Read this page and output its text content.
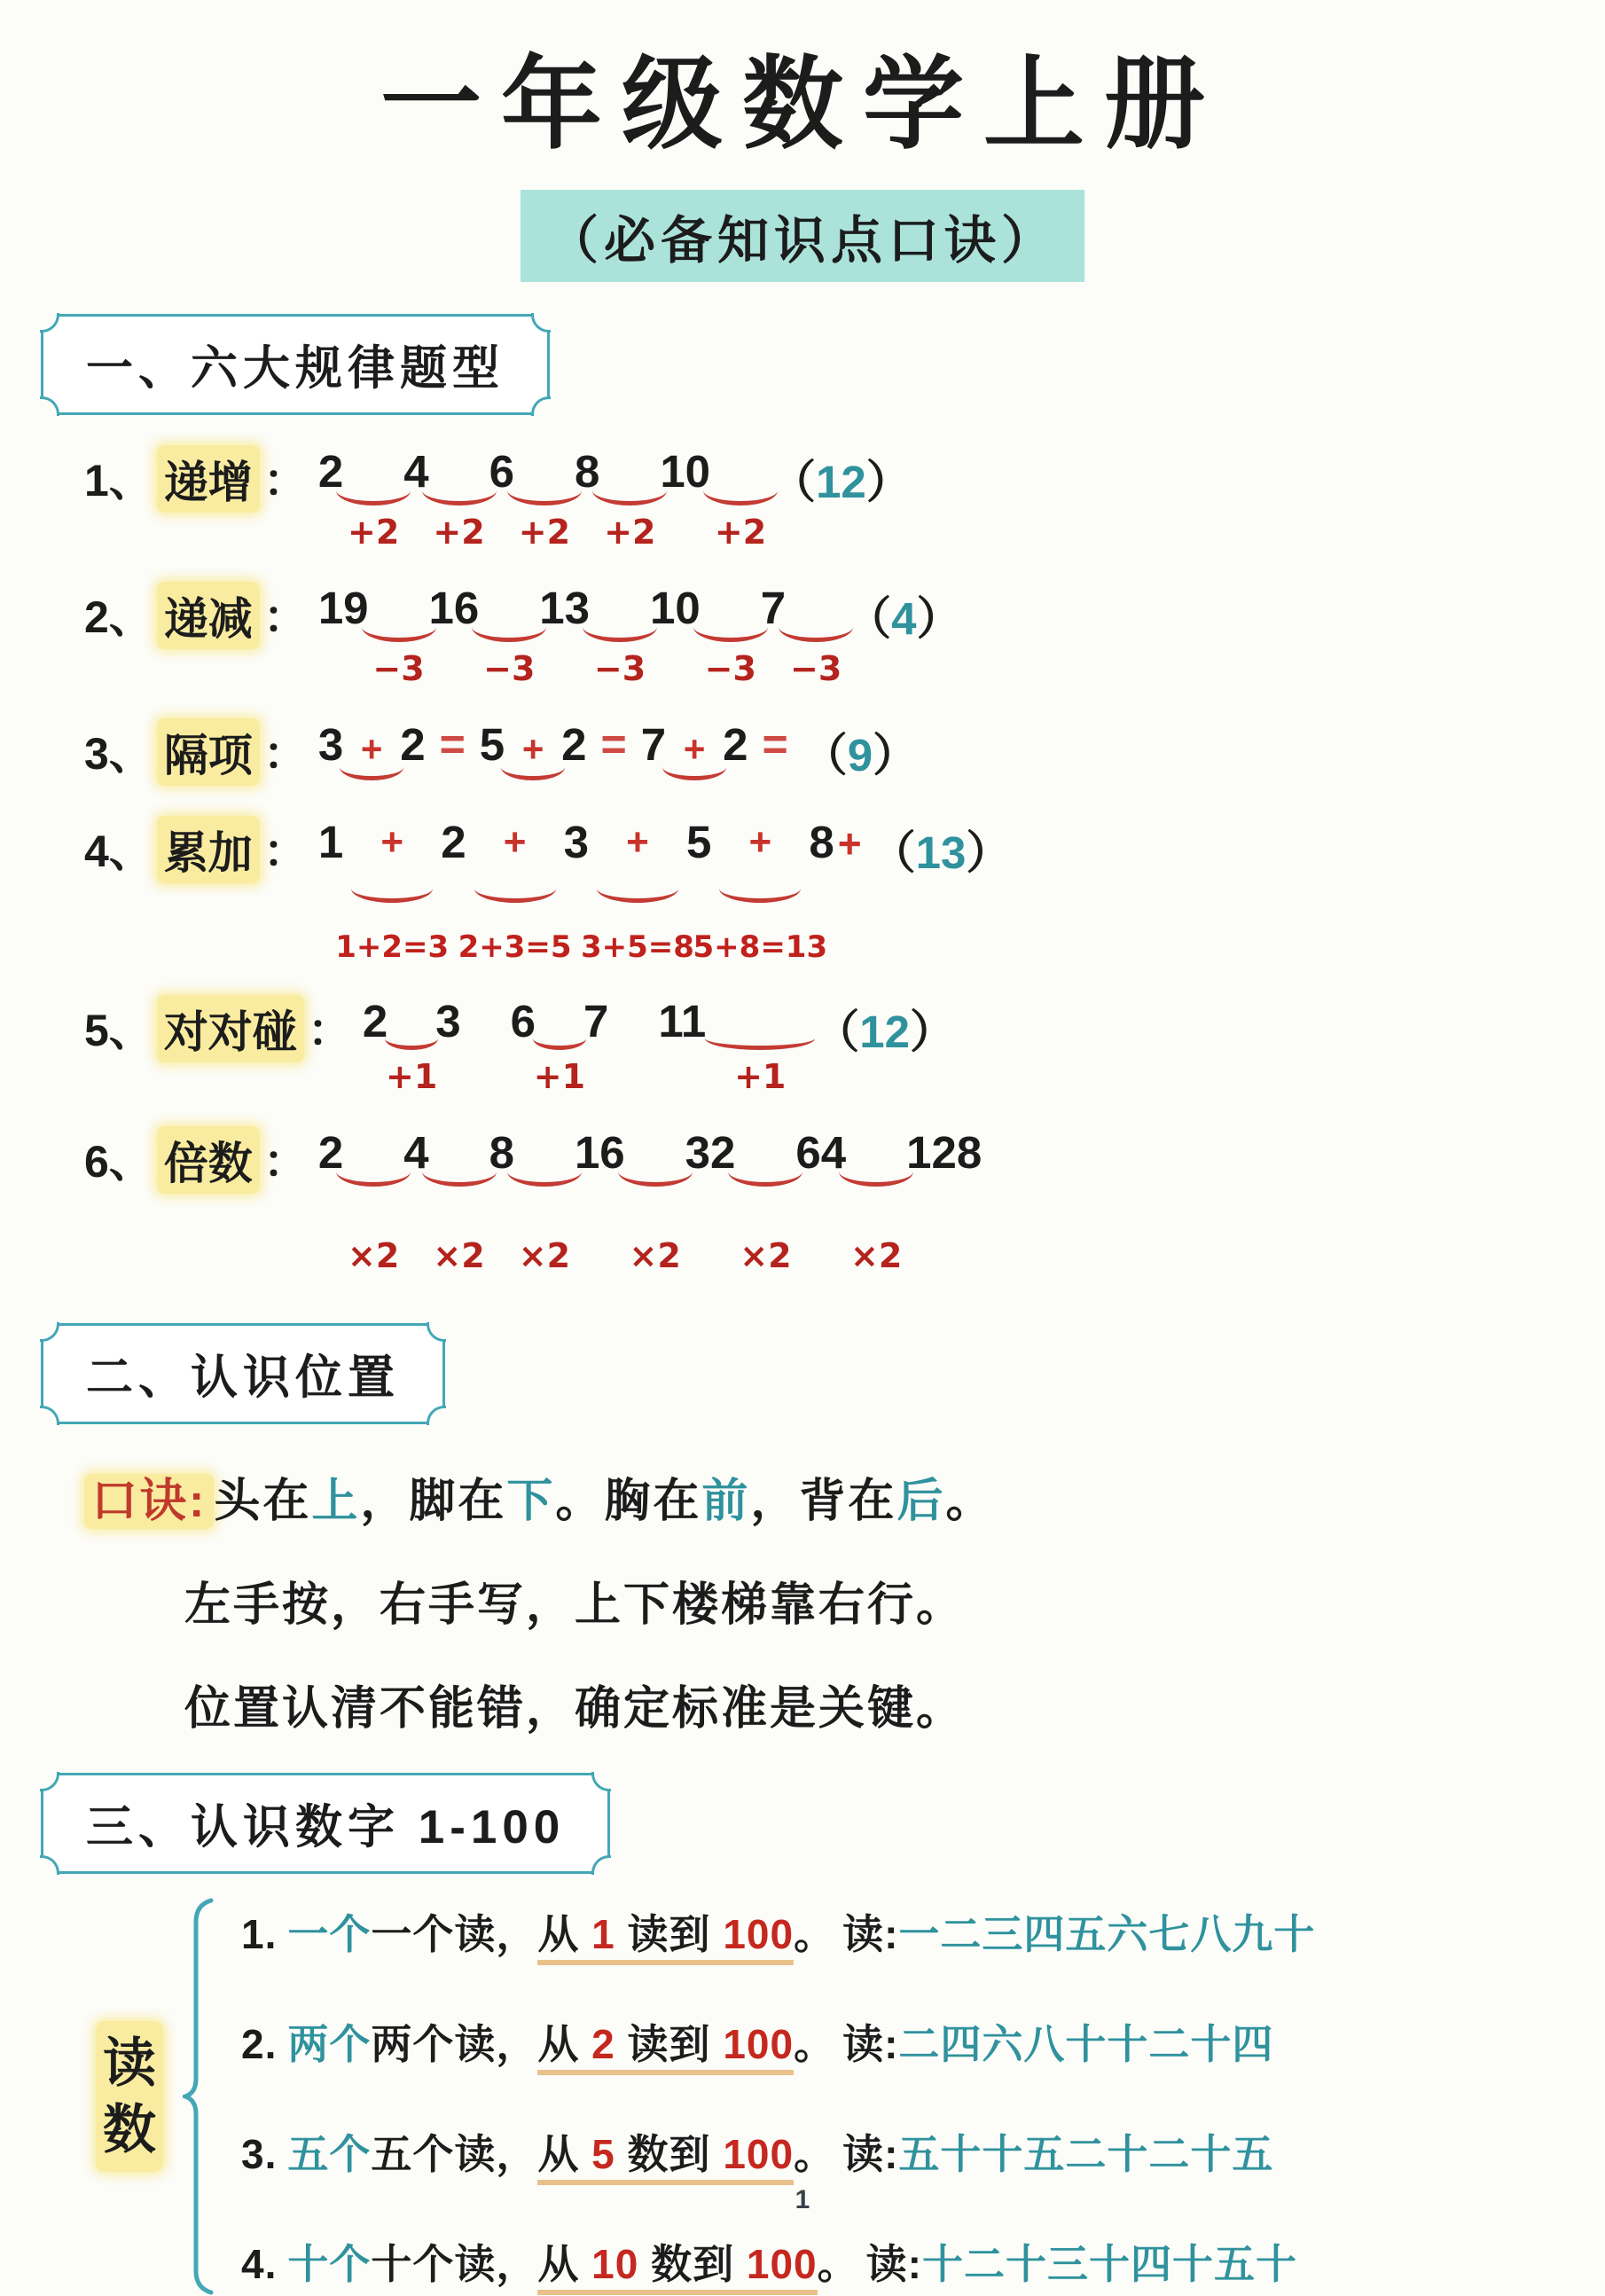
一年级数学上册
（必备知识点口诀）
一、六大规律题型
1、 递增 ： 2
+2
4
+2
6
+2
8
+2
10
+2
（12）
2、 递减 ： 19
−3
16
−3
13
−3
10
−3
7
−3
（4）
3、 隔项 ： 3 + 2 = 5 + 2 = 7 + 2 = （9）
4、 累加 ： 1 +
1+2=3
2 +
2+3=5
3 +
3+5=8
5 +
5+8=13
8 + （13）
5、 对对碰 ： 2
+1
3 6
+1
7 11
+1
（12）
6、 倍数 ： 2
×2
4
×2
8
×2
16
×2
32
×2
64
×2
128
二、认识位置
口诀: 头在上，脚在下。胸在前，背在后。
左手按，右手写，上下楼梯靠右行。
位置认清不能错，确定标准是关键。
三、认识数字 1-100
读数
1. 一个一个读，从 1 读到 100。 读:一二三四五六七八九十
2. 两个两个读，从 2 读到 100。 读:二四六八十十二十四
3. 五个五个读，从 5 数到 100。 读:五十十五二十二十五
4. 十个十个读，从 10 数到 100。 读:十二十三十四十五十
1
